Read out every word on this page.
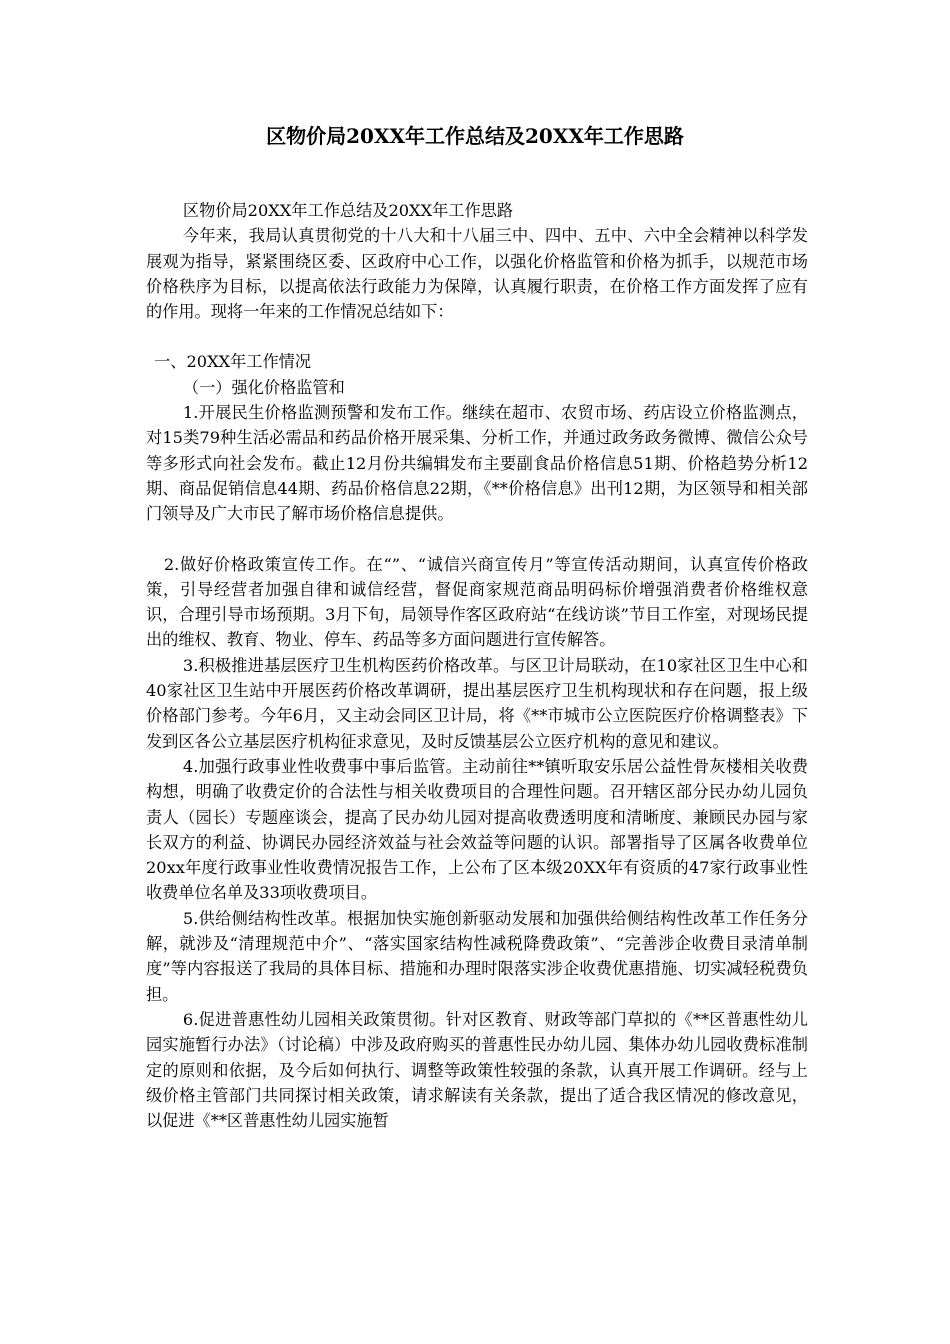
区物价局20XX年工作总结及20XX年工作思路

区物价局20XX年工作总结及20XX年工作思路

今年来，我局认真贯彻党的十八大和十八届三中、四中、五中、六中全会精神以科学发展观为指导，紧紧围绕区委、区政府中心工作，以强化价格监管和价格为抓手，以规范市场价格秩序为目标，以提高依法行政能力为保障，认真履行职责，在价格工作方面发挥了应有的作用。现将一年来的工作情况总结如下：

一、20XX年工作情况

（一）强化价格监管和

1.开展民生价格监测预警和发布工作。继续在超市、农贸市场、药店设立价格监测点，对15类79种生活必需品和药品价格开展采集、分析工作，并通过政务政务微博、微信公众号等多形式向社会发布。截止12月份共编辑发布主要副食品价格信息51期、价格趋势分析12期、商品促销信息44期、药品价格信息22期，《**价格信息》出刊12期，为区领导和相关部门领导及广大市民了解市场价格信息提供。

2.做好价格政策宣传工作。在“”、“诚信兴商宣传月”等宣传活动期间，认真宣传价格政策，引导经营者加强自律和诚信经营，督促商家规范商品明码标价增强消费者价格维权意识，合理引导市场预期。3月下旬，局领导作客区政府站“在线访谈”节目工作室，对现场民提出的维权、教育、物业、停车、药品等多方面问题进行宣传解答。

3.积极推进基层医疗卫生机构医药价格改革。与区卫计局联动，在10家社区卫生中心和40家社区卫生站中开展医药价格改革调研，提出基层医疗卫生机构现状和存在问题，报上级价格部门参考。今年6月，又主动会同区卫计局，将《**市城市公立医院医疗价格调整表》下发到区各公立基层医疗机构征求意见，及时反馈基层公立医疗机构的意见和建议。

4.加强行政事业性收费事中事后监管。主动前往**镇听取安乐居公益性骨灰楼相关收费构想，明确了收费定价的合法性与相关收费项目的合理性问题。召开辖区部分民办幼儿园负责人（园长）专题座谈会，提高了民办幼儿园对提高收费透明度和清晰度、兼顾民办园与家长双方的利益、协调民办园经济效益与社会效益等问题的认识。部署指导了区属各收费单位20xx年度行政事业性收费情况报告工作，上公布了区本级20XX年有资质的47家行政事业性收费单位名单及33项收费项目。

5.供给侧结构性改革。根据加快实施创新驱动发展和加强供给侧结构性改革工作任务分解，就涉及“清理规范中介”、“落实国家结构性减税降费政策”、“完善涉企收费目录清单制度”等内容报送了我局的具体目标、措施和办理时限落实涉企收费优惠措施、切实减轻税费负担。

6.促进普惠性幼儿园相关政策贯彻。针对区教育、财政等部门草拟的《**区普惠性幼儿园实施暂行办法》（讨论稿）中涉及政府购买的普惠性民办幼儿园、集体办幼儿园收费标准制定的原则和依据，及今后如何执行、调整等政策性较强的条款，认真开展工作调研。经与上级价格主管部门共同探讨相关政策，请求解读有关条款，提出了适合我区情况的修改意见，以促进《**区普惠性幼儿园实施暂
